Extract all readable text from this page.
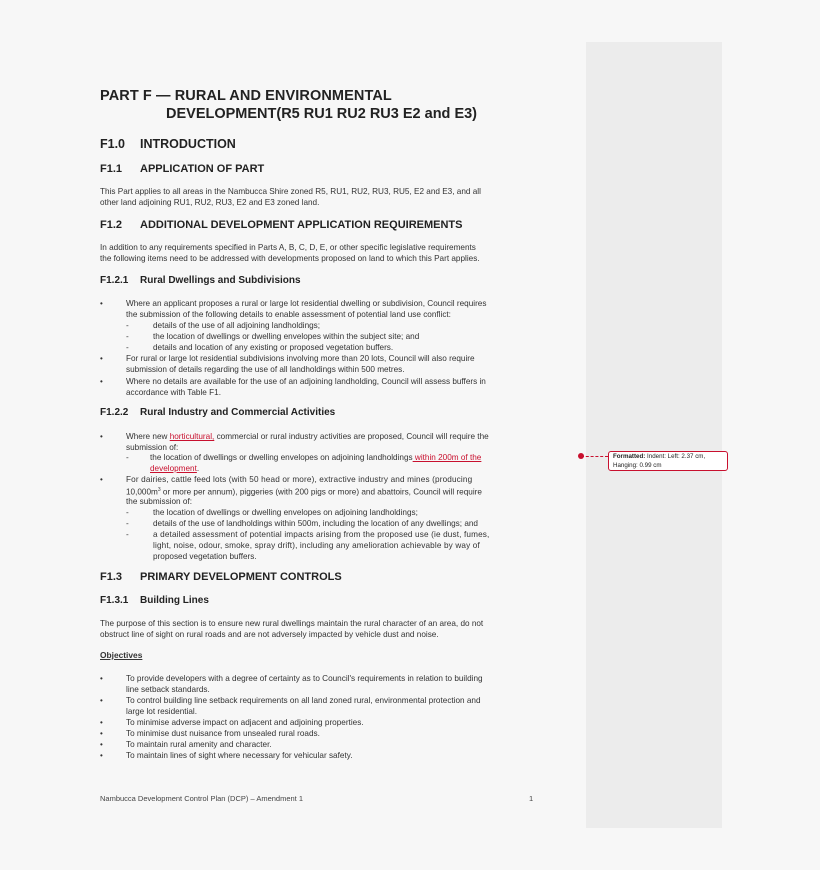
PART F — RURAL AND ENVIRONMENTAL
DEVELOPMENT(R5 RU1 RU2 RU3 E2 and E3)
F1.0 INTRODUCTION
F1.1 APPLICATION OF PART
This Part applies to all areas in the Nambucca Shire zoned R5, RU1, RU2, RU3, RU5, E2 and E3, and all
other land adjoining RU1, RU2, RU3, E2 and E3 zoned land.
F1.2 ADDITIONAL DEVELOPMENT APPLICATION REQUIREMENTS
In addition to any requirements specified in Parts A, B, C, D, E, or other specific legislative requirements
the following items need to be addressed with developments proposed on land to which this Part applies.
F1.2.1 Rural Dwellings and Subdivisions
•	Where an applicant proposes a rural or large lot residential dwelling or subdivision, Council requires
the submission of the following details to enable assessment of potential land use conflict:
-	details of the use of all adjoining landholdings;
-	the location of dwellings or dwelling envelopes within the subject site; and
-	details and location of any existing or proposed vegetation buffers.
•	For rural or large lot residential subdivisions involving more than 20 lots, Council will also require
submission of details regarding the use of all landholdings within 500 metres.
•	Where no details are available for the use of an adjoining landholding, Council will assess buffers in
accordance with Table F1.
F1.2.2 Rural Industry and Commercial Activities
•	Where new horticultural, commercial or rural industry activities are proposed, Council will require the
submission of:
-	the location of dwellings or dwelling envelopes on adjoining landholdings within 200m of the
development.
•	For dairies, cattle feed lots (with 50 head or more), extractive industry and mines (producing
$10,000m^3$ or more per annum), piggeries (with 200 pigs or more) and abattoirs, Council will require
the submission of:
-	the location of dwellings or dwelling envelopes on adjoining landholdings;
-	details of the use of landholdings within 500m, including the location of any dwellings; and
-	a detailed assessment of potential impacts arising from the proposed use (ie dust, fumes,
light, noise, odour, smoke, spray drift), including any amelioration achievable by way of
proposed vegetation buffers.
F1.3 PRIMARY DEVELOPMENT CONTROLS
F1.3.1 Building Lines
The purpose of this section is to ensure new rural dwellings maintain the rural character of an area, do not
obstruct line of sight on rural roads and are not adversely impacted by vehicle dust and noise.
Objectives
•	To provide developers with a degree of certainty as to Council's requirements in relation to building
line setback standards.
•	To control building line setback requirements on all land zoned rural, environmental protection and
large lot residential.
•	To minimise adverse impact on adjacent and adjoining properties.
•	To minimise dust nuisance from unsealed rural roads.
•	To maintain rural amenity and character.
•	To maintain lines of sight where necessary for vehicular safety.
Nambucca Development Control Plan (DCP) – Amendment 1	1
Formatted: Indent: Left: 2.37 cm,
Hanging: 0.99 cm
